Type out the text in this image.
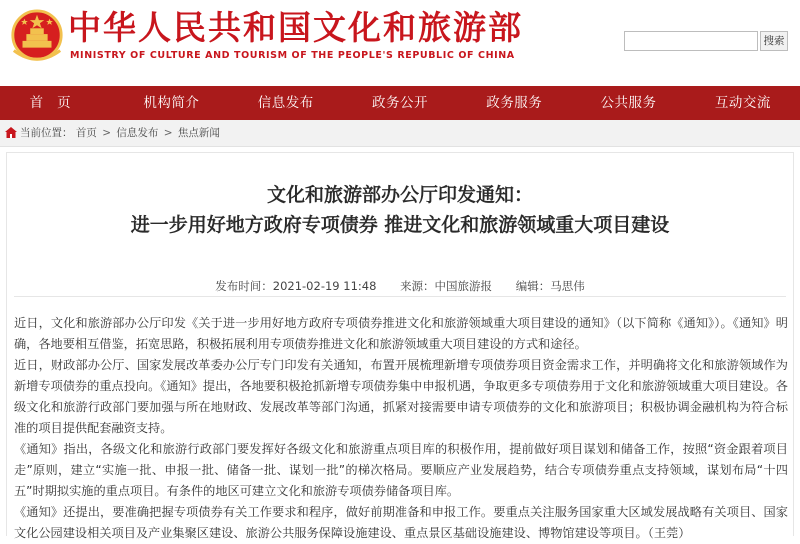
中华人民共和国文化和旅游部
MINISTRY OF CULTURE AND TOURISM OF THE PEOPLE'S REPUBLIC OF CHINA
搜索
首页	机构简介	信息发布	政务公开	政务服务	公共服务	互动交流
当前位置： 首页 > 信息发布 > 焦点新闻
文化和旅游部办公厅印发通知：
进一步用好地方政府专项债券 推进文化和旅游领域重大项目建设
发布时间：2021-02-19 11:48 来源：中国旅游报 编辑：马思伟

近日，文化和旅游部办公厅印发《关于进一步用好地方政府专项债券推进文化和旅游领域重大项目建设的通知》（以下简称《通知》）。《通知》明确，各地要相互借鉴，拓宽思路，积极拓展利用专项债券推进文化和旅游领域重大项目建设的方式和途径。

近日，财政部办公厅、国家发展改革委办公厅专门印发有关通知，布置开展梳理新增专项债券项目资金需求工作，并明确将文化和旅游领域作为新增专项债券的重点投向。《通知》提出，各地要积极抢抓新增专项债券集中申报机遇，争取更多专项债券用于文化和旅游领域重大项目建设。各级文化和旅游行政部门要加强与所在地财政、发展改革等部门沟通，抓紧对接需要申请专项债券的文化和旅游项目；积极协调金融机构为符合标准的项目提供配套融资支持。

《通知》指出，各级文化和旅游行政部门要发挥好各级文化和旅游重点项目库的积极作用，提前做好项目谋划和储备工作，按照“资金跟着项目走”原则，建立“实施一批、申报一批、储备一批、谋划一批”的梯次格局。要顺应产业发展趋势，结合专项债券重点支持领域，谋划布局“十四五”时期拟实施的重点项目。有条件的地区可建立文化和旅游专项债券储备项目库。

《通知》还提出，要准确把握专项债券有关工作要求和程序，做好前期准备和申报工作。要重点关注服务国家重大区域发展战略有关项目、国家文化公园建设相关项目及产业集聚区建设、旅游公共服务保障设施建设、重点景区基础设施建设、博物馆建设等项目。（王莞）
